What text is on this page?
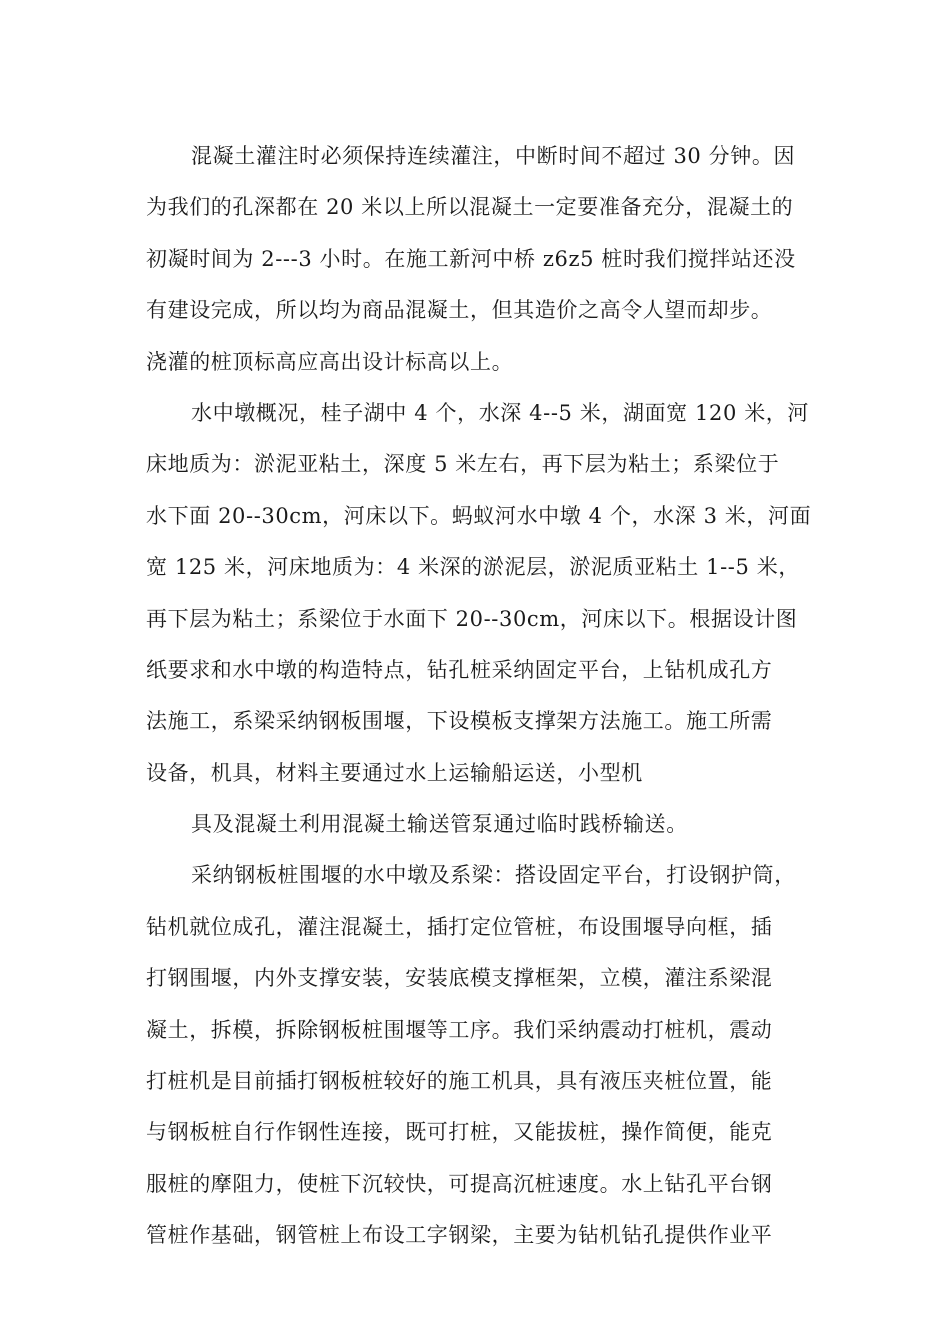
混凝土灌注时必须保持连续灌注，中断时间不超过 30 分钟。因
为我们的孔深都在 20 米以上所以混凝土一定要准备充分，混凝土的
初凝时间为 2---3 小时。在施工新河中桥 z6z5 桩时我们搅拌站还没
有建设完成，所以均为商品混凝土，但其造价之高令人望而却步。
浇灌的桩顶标高应高出设计标高以上。
水中墩概况，桂子湖中 4 个，水深 4--5 米，湖面宽 120 米，河
床地质为：淤泥亚粘土，深度 5 米左右，再下层为粘土；系梁位于
水下面 20--30cm，河床以下。蚂蚁河水中墩 4 个，水深 3 米，河面
宽 125 米，河床地质为：4 米深的淤泥层，淤泥质亚粘土 1--5 米，
再下层为粘土；系梁位于水面下 20--30cm，河床以下。根据设计图
纸要求和水中墩的构造特点，钻孔桩采纳固定平台，上钻机成孔方
法施工，系梁采纳钢板围堰，下设模板支撑架方法施工。施工所需
设备，机具，材料主要通过水上运输船运送，小型机
具及混凝土利用混凝土输送管泵通过临时践桥输送。
采纳钢板桩围堰的水中墩及系梁：搭设固定平台，打设钢护筒，
钻机就位成孔，灌注混凝土，插打定位管桩，布设围堰导向框，插
打钢围堰，内外支撑安装，安装底模支撑框架，立模，灌注系梁混
凝土，拆模，拆除钢板桩围堰等工序。我们采纳震动打桩机，震动
打桩机是目前插打钢板桩较好的施工机具，具有液压夹桩位置，能
与钢板桩自行作钢性连接，既可打桩，又能拔桩，操作简便，能克
服桩的摩阻力，使桩下沉较快，可提高沉桩速度。水上钻孔平台钢
管桩作基础，钢管桩上布设工字钢梁，主要为钻机钻孔提供作业平
